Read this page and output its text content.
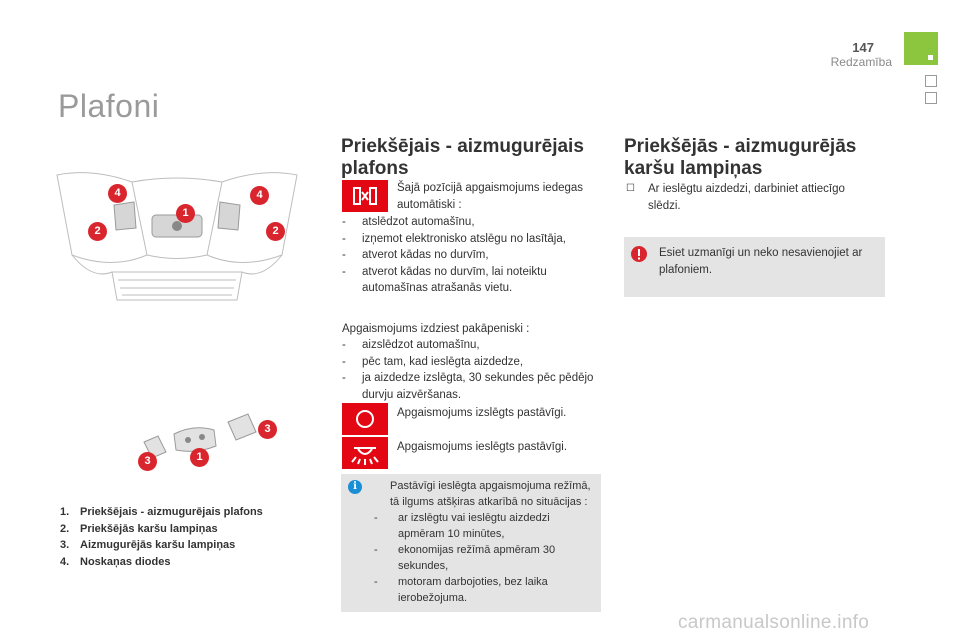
147
Redzamība
Plafoni
4	4
1
2	2
3
1
3
1. Priekšējais - aizmugurējais plafons
2. Priekšējās karšu lampiņas
3. Aizmugurējās karšu lampiņas
4. Noskaņas diodes
Priekšējais - aizmugurējais
plafons
Šajā pozīcijā apgaismojums iedegas
automātiski :
- atslēdzot automašīnu,
- izņemot elektronisko atslēgu no lasītāja,
- atverot kādas no durvīm,
- atverot kādas no durvīm, lai noteiktu automašīnas atrašanās vietu.
Apgaismojums izdziest pakāpeniski :
- aizslēdzot automašīnu,
- pēc tam, kad ieslēgta aizdedze,
- ja aizdedze izslēgta, 30 sekundes pēc pēdējo durvju aizvēršanas.
Apgaismojums izslēgts pastāvīgi.
Apgaismojums ieslēgts pastāvīgi.
i	Pastāvīgi ieslēgta apgaismojuma režīmā, tā ilgums atšķiras atkarībā no situācijas :
- ar izslēgtu vai ieslēgtu aizdedzi apmēram 10 minūtes,
- ekonomijas režīmā apmēram 30 sekundes,
- motoram darbojoties, bez laika ierobežojuma.
Priekšējās - aizmugurējās
karšu lampiņas
☐	Ar ieslēgtu aizdedzi, darbiniet attiecīgo slēdzi.
Esiet uzmanīgi un neko nesavienojiet ar plafoniem.
carmanualsonline.info
